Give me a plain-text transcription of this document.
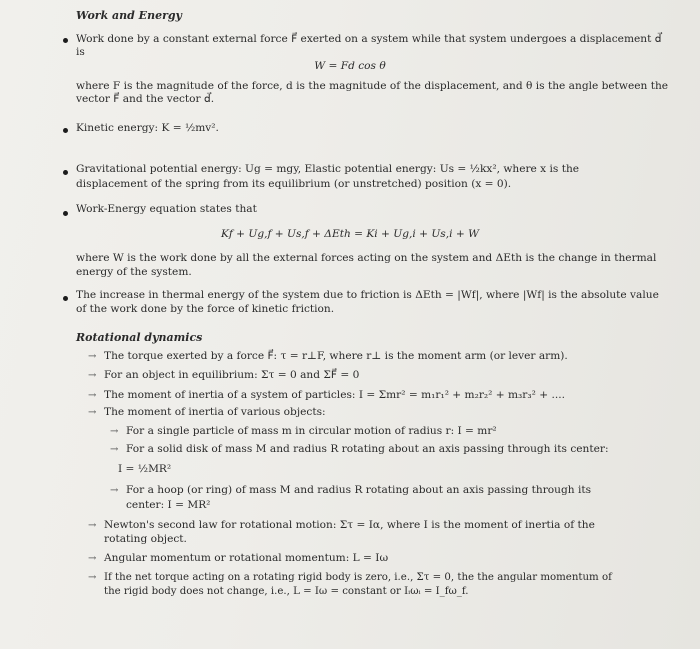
Work and Energy
Work done by a constant external force F⃗ exerted on a system while that system undergoes a displacement d⃗
is
W = Fd cos θ
where F is the magnitude of the force, d is the magnitude of the displacement, and θ is the angle between the
vector F⃗ and the vector d⃗.
Kinetic energy: K = ½mv².
Gravitational potential energy: Ug = mgy, Elastic potential energy: Us = ½kx², where x is the
displacement of the spring from its equilibrium (or unstretched) position (x = 0).
Work-Energy equation states that
Kf + Ug,f + Us,f + ΔEth = Ki + Ug,i + Us,i + W
where W is the work done by all the external forces acting on the system and ΔEth is the change in thermal
energy of the system.
The increase in thermal energy of the system due to friction is ΔEth = |Wf|, where |Wf| is the absolute value
of the work done by the force of kinetic friction.
Rotational dynamics
→ The torque exerted by a force F⃗: τ = r⊥F, where r⊥ is the moment arm (or lever arm).
→ For an object in equilibrium: Στ = 0 and ΣF⃗ = 0
→ The moment of inertia of a system of particles: I = Σmr² = m₁r₁² + m₂r₂² + m₃r₃² + ....
→ The moment of inertia of various objects:
→ For a single particle of mass m in circular motion of radius r: I = mr²
→ For a solid disk of mass M and radius R rotating about an axis passing through its center:
I = ½MR²
→ For a hoop (or ring) of mass M and radius R rotating about an axis passing through its
center: I = MR²
→ Newton's second law for rotational motion: Στ = Iα, where I is the moment of inertia of the
rotating object.
→ Angular momentum or rotational momentum: L = Iω
→ If the net torque acting on a rotating rigid body is zero, i.e., Στ = 0, the the angular momentum of
the rigid body does not change, i.e., L = Iω = constant or Iᵢωᵢ = I_fω_f.
